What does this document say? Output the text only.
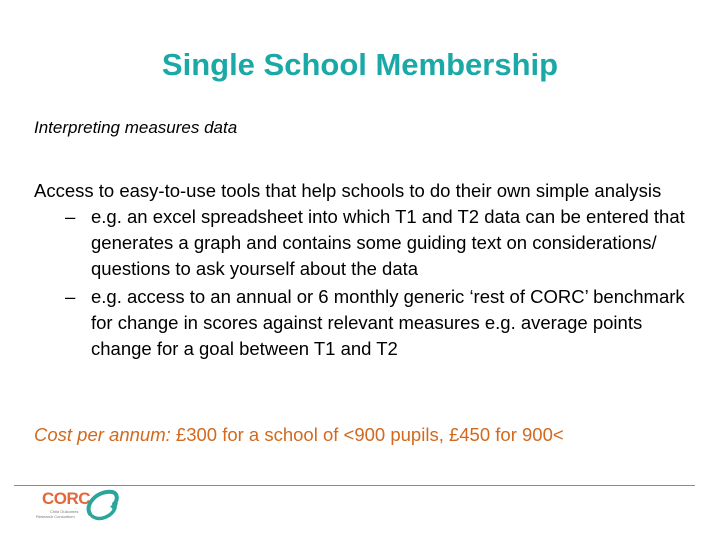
Single School Membership
Interpreting measures data
Access to easy-to-use tools that help schools to do their own simple analysis
– e.g. an excel spreadsheet into which T1 and T2 data can be entered that generates a graph and contains some guiding text on considerations/ questions to ask yourself about the data
– e.g. access to an annual or 6 monthly generic ‘rest of CORC’ benchmark for change in scores against relevant measures e.g. average points change for a goal between T1 and T2
Cost per annum: £300 for a school of <900 pupils, £450 for 900<
CORC
Child Outcomes
Research Consortium
